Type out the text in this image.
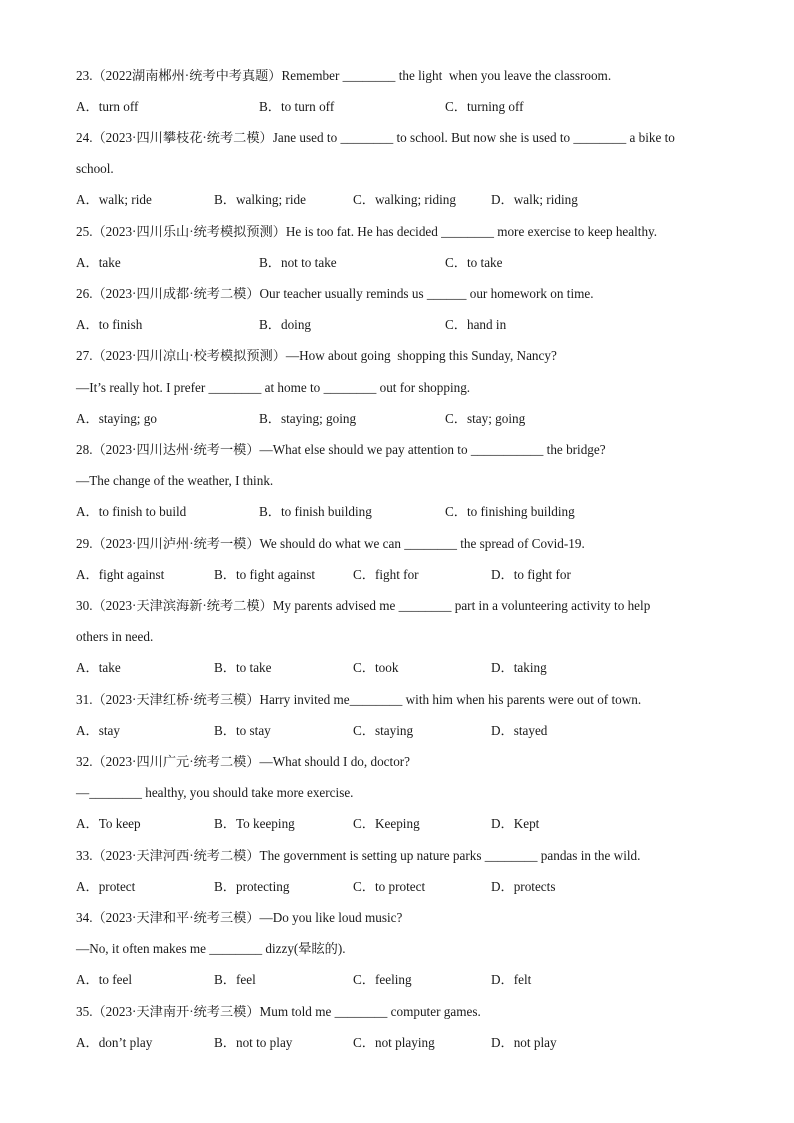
23.（2022湖南郴州·统考中考真题）Remember ________ the light  when you leave the classroom.
A．turn off	B．to turn off	C．turning off
24.（2023·四川攀枝花·统考二模）Jane used to ________ to school. But now she is used to ________ a bike to
school.
A．walk; ride	B．walking; ride	C．walking; riding	D．walk; riding
25.（2023·四川乐山·统考模拟预测）He is too fat. He has decided ________ more exercise to keep healthy.
A．take	B．not to take	C．to take
26.（2023·四川成都·统考二模）Our teacher usually reminds us ______ our homework on time.
A．to finish	B．doing	C．hand in
27.（2023·四川凉山·校考模拟预测）—How about going  shopping this Sunday, Nancy?
—It’s really hot. I prefer ________ at home to ________ out for shopping.
A．staying; go	B．staying; going	C．stay; going
28.（2023·四川达州·统考一模）—What else should we pay attention to ___________ the bridge?
—The change of the weather, I think.
A．to finish to build	B．to finish building	C．to finishing building
29.（2023·四川泸州·统考一模）We should do what we can ________ the spread of Covid-19.
A．fight against	B．to fight against	C．fight for	D．to fight for
30.（2023·天津滨海新·统考二模）My parents advised me ________ part in a volunteering activity to help
others in need.
A．take	B．to take	C．took	D．taking
31.（2023·天津红桥·统考三模）Harry invited me________ with him when his parents were out of town.
A．stay	B．to stay	C．staying	D．stayed
32.（2023·四川广元·统考二模）—What should I do, doctor?
—________ healthy, you should take more exercise.
A．To keep	B．To keeping	C．Keeping	D．Kept
33.（2023·天津河西·统考二模）The government is setting up nature parks ________ pandas in the wild.
A．protect	B．protecting	C．to protect	D．protects
34.（2023·天津和平·统考三模）—Do you like loud music?
—No, it often makes me ________ dizzy(晕眩的).
A．to feel	B．feel	C．feeling	D．felt
35.（2023·天津南开·统考三模）Mum told me ________ computer games.
A．don’t play	B．not to play	C．not playing	D．not play
